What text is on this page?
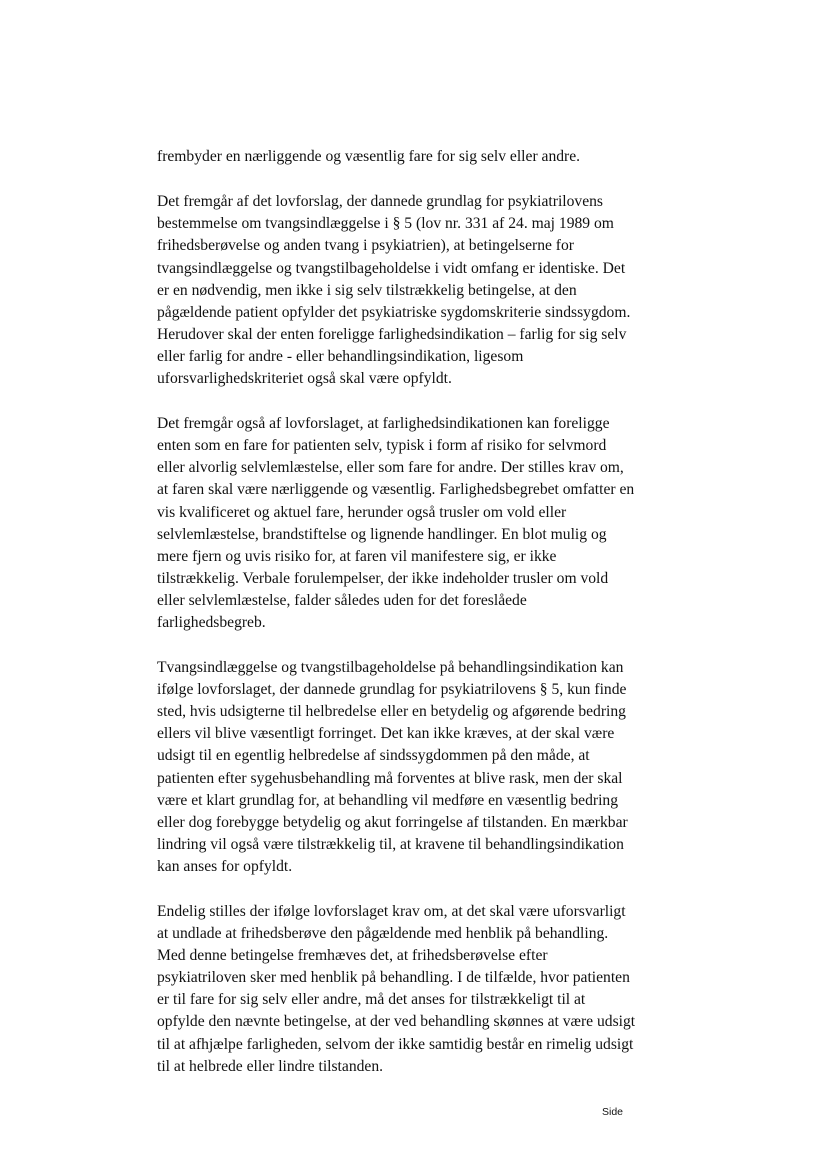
frembyder en nærliggende og væsentlig fare for sig selv eller andre.
Det fremgår af det lovforslag, der dannede grundlag for psykiatrilovens
bestemmelse om tvangsindlæggelse i § 5 (lov nr. 331 af 24. maj 1989 om
frihedsberøvelse og anden tvang i psykiatrien), at betingelserne for
tvangsindlæggelse og tvangstilbageholdelse i vidt omfang er identiske. Det
er en nødvendig, men ikke i sig selv tilstrækkelig betingelse, at den
pågældende patient opfylder det psykiatriske sygdomskriterie sindssygdom.
Herudover skal der enten foreligge farlighedsindikation – farlig for sig selv
eller farlig for andre - eller behandlingsindikation, ligesom
uforsvarlighedskriteriet også skal være opfyldt.
Det fremgår også af lovforslaget, at farlighedsindikationen kan foreligge
enten som en fare for patienten selv, typisk i form af risiko for selvmord
eller alvorlig selvlemlæstelse, eller som fare for andre. Der stilles krav om,
at faren skal være nærliggende og væsentlig. Farlighedsbegrebet omfatter en
vis kvalificeret og aktuel fare, herunder også trusler om vold eller
selvlemlæstelse, brandstiftelse og lignende handlinger. En blot mulig og
mere fjern og uvis risiko for, at faren vil manifestere sig, er ikke
tilstrækkelig. Verbale forulempelser, der ikke indeholder trusler om vold
eller selvlemlæstelse, falder således uden for det foreslåede
farlighedsbegreb.
Tvangsindlæggelse og tvangstilbageholdelse på behandlingsindikation kan
ifølge lovforslaget, der dannede grundlag for psykiatrilovens § 5, kun finde
sted, hvis udsigterne til helbredelse eller en betydelig og afgørende bedring
ellers vil blive væsentligt forringet. Det kan ikke kræves, at der skal være
udsigt til en egentlig helbredelse af sindssygdommen på den måde, at
patienten efter sygehusbehandling må forventes at blive rask, men der skal
være et klart grundlag for, at behandling vil medføre en væsentlig bedring
eller dog forebygge betydelig og akut forringelse af tilstanden. En mærkbar
lindring vil også være tilstrækkelig til, at kravene til behandlingsindikation
kan anses for opfyldt.
Endelig stilles der ifølge lovforslaget krav om, at det skal være uforsvarligt
at undlade at frihedsberøve den pågældende med henblik på behandling.
Med denne betingelse fremhæves det, at frihedsberøvelse efter
psykiatriloven sker med henblik på behandling. I de tilfælde, hvor patienten
er til fare for sig selv eller andre, må det anses for tilstrækkeligt til at
opfylde den nævnte betingelse, at der ved behandling skønnes at være udsigt
til at afhjælpe farligheden, selvom der ikke samtidig består en rimelig udsigt
til at helbrede eller lindre tilstanden.
Side
